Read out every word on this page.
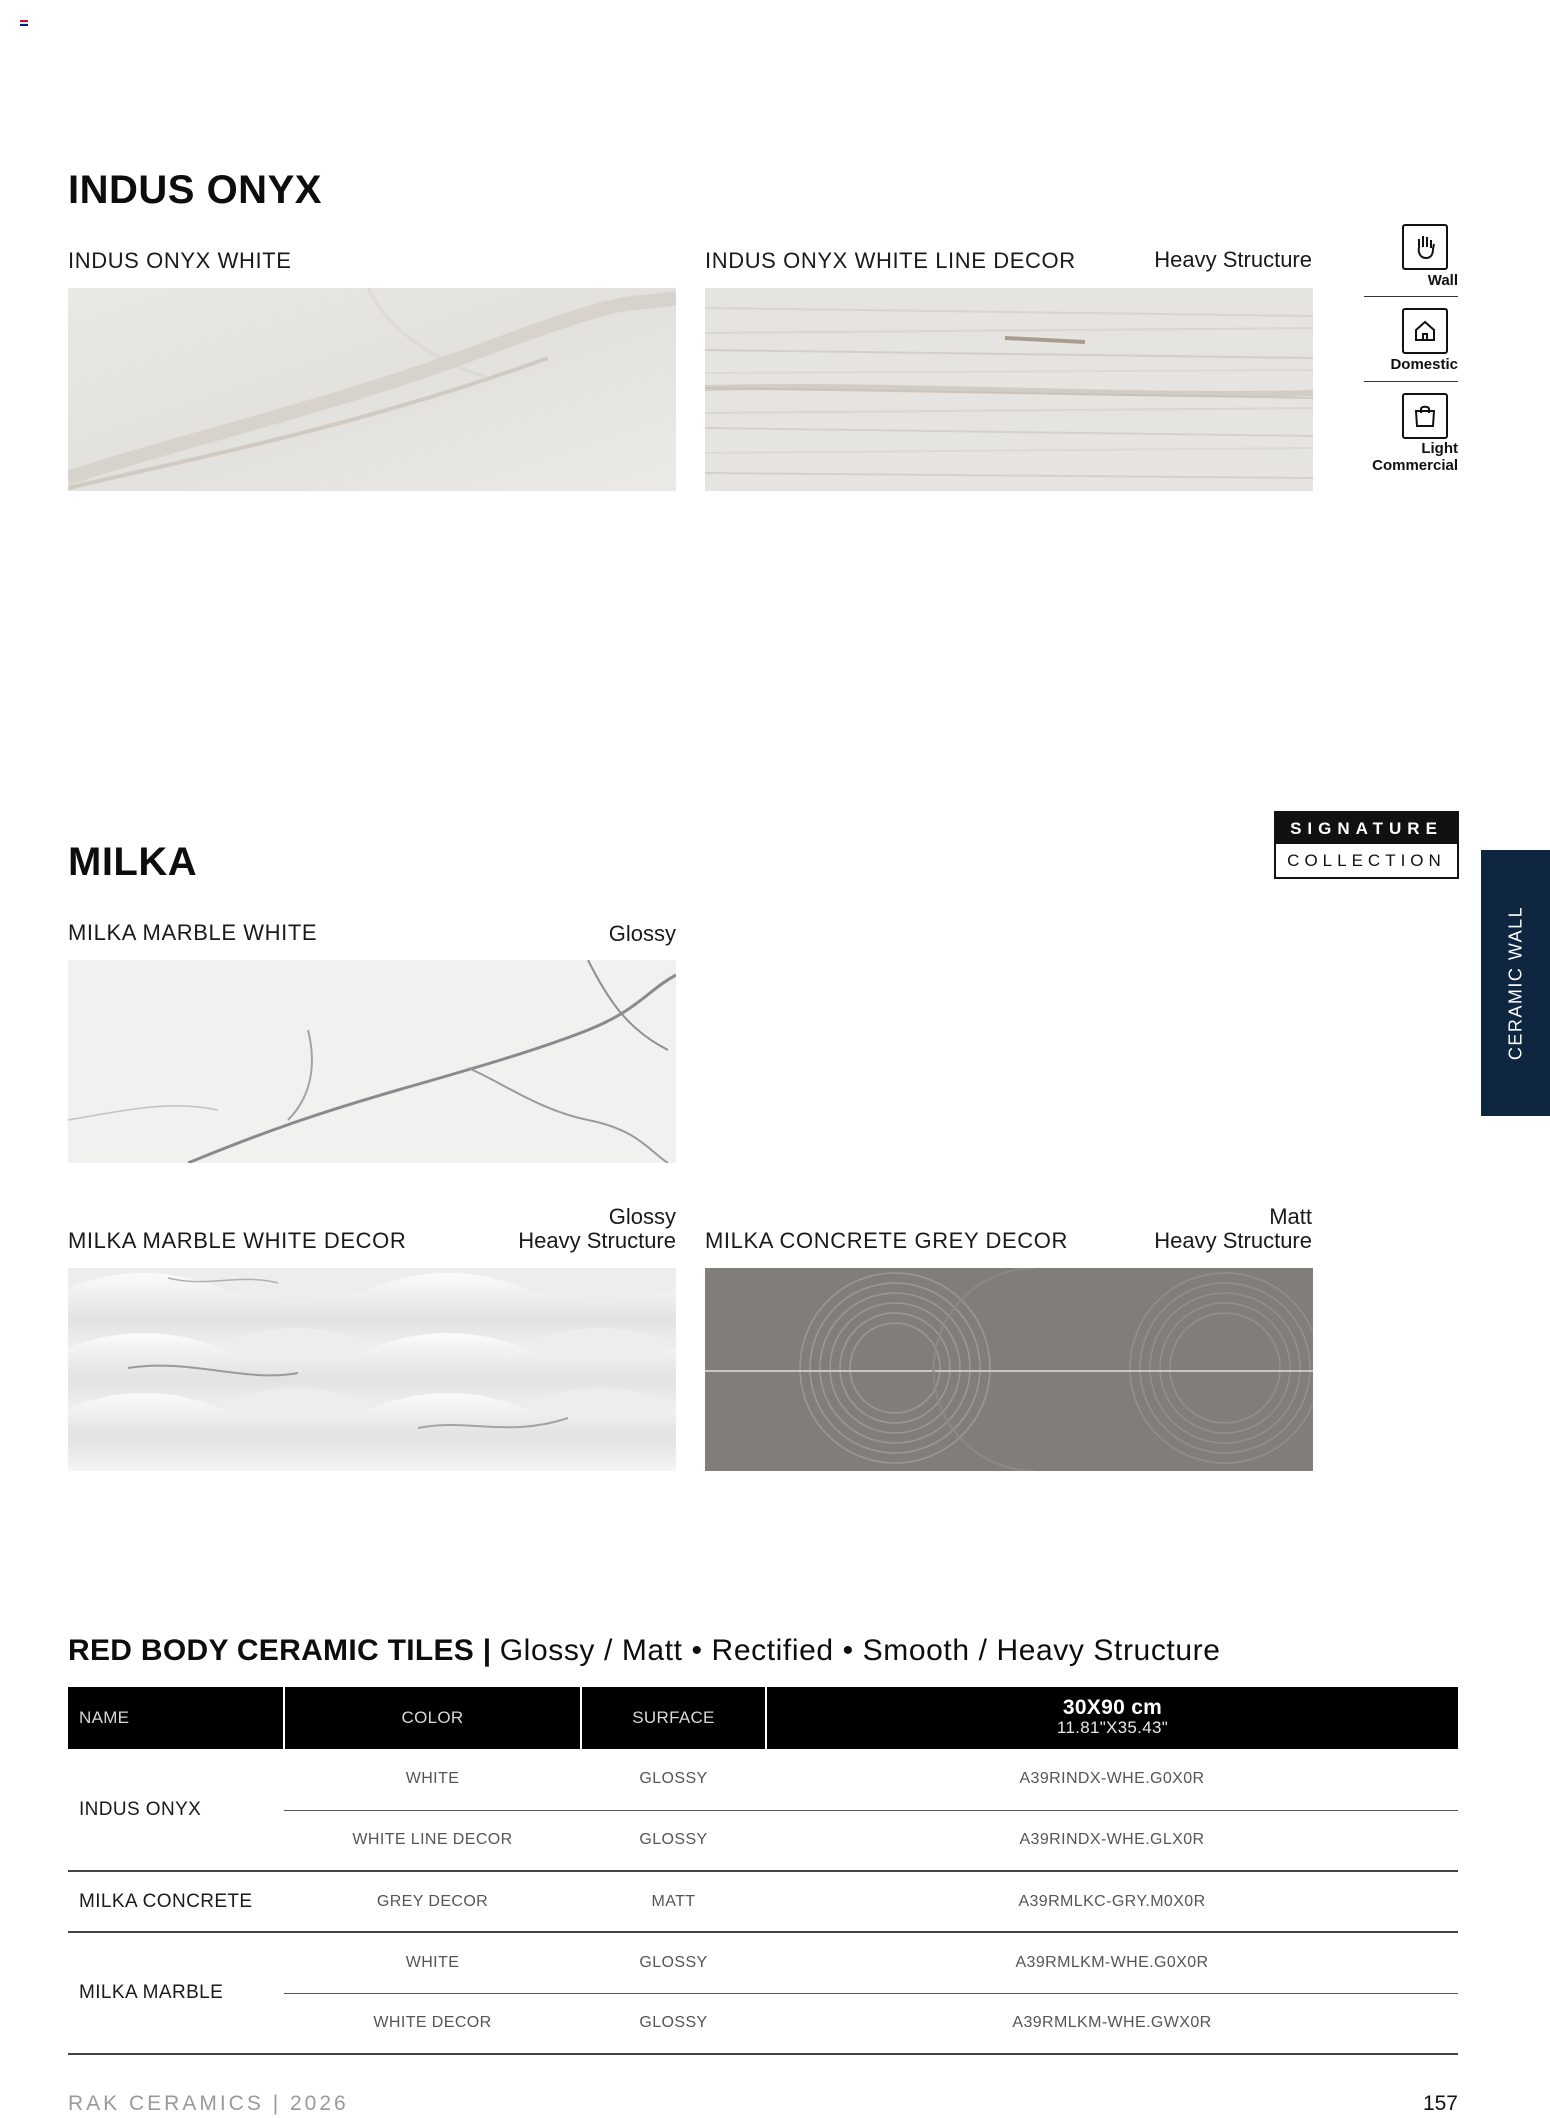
INDUS ONYX
INDUS ONYX WHITE	INDUS ONYX WHITE LINE DECOR	Heavy Structure
Wall
Domestic
Light
Commercial
SIGNATURE
COLLECTION
CERAMIC WALL
MILKA
MILKA MARBLE WHITE	Glossy
Glossy
Heavy Structure
MILKA MARBLE WHITE DECOR
Matt
Heavy Structure
MILKA CONCRETE GREY DECOR
RED BODY CERAMIC TILES | Glossy / Matt • Rectified • Smooth / Heavy Structure
NAME	COLOR	SURFACE	30X90 cm
11.81"X35.43"

INDUS ONYX	WHITE	GLOSSY	A39RINDX-WHE.G0X0R
	WHITE LINE DECOR	GLOSSY	A39RINDX-WHE.GLX0R
MILKA CONCRETE	GREY DECOR	MATT	A39RMLKC-GRY.M0X0R
MILKA MARBLE	WHITE	GLOSSY	A39RMLKM-WHE.G0X0R
	WHITE DECOR	GLOSSY	A39RMLKM-WHE.GWX0R
RAK CERAMICS | 2026	157
